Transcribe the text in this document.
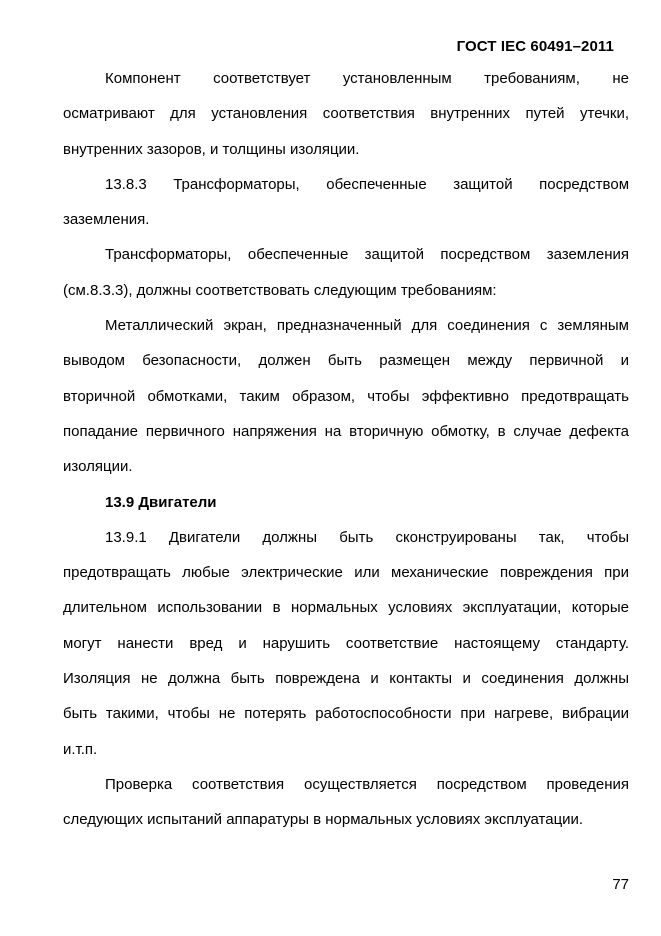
ГОСТ IEC 60491–2011

Компонент соответствует установленным требованиям, не
осматривают для установления соответствия внутренних путей утечки,
внутренних зазоров, и толщины изоляции.

13.8.3 Трансформаторы, обеспеченные защитой посредством
заземления.

Трансформаторы, обеспеченные защитой посредством заземления
(см.8.3.3), должны соответствовать следующим требованиям:

Металлический экран, предназначенный для соединения с земляным
выводом безопасности, должен быть размещен между первичной и
вторичной обмотками, таким образом, чтобы эффективно предотвращать
попадание первичного напряжения на вторичную обмотку, в случае дефекта
изоляции.

13.9 Двигатели

13.9.1 Двигатели должны быть сконструированы так, чтобы
предотвращать любые электрические или механические повреждения при
длительном использовании в нормальных условиях эксплуатации, которые
могут нанести вред и нарушить соответствие настоящему стандарту.
Изоляция не должна быть повреждена и контакты и соединения должны
быть такими, чтобы не потерять работоспособности при нагреве, вибрации
и.т.п.

Проверка соответствия осуществляется посредством проведения
следующих испытаний аппаратуры в нормальных условиях эксплуатации.

77
